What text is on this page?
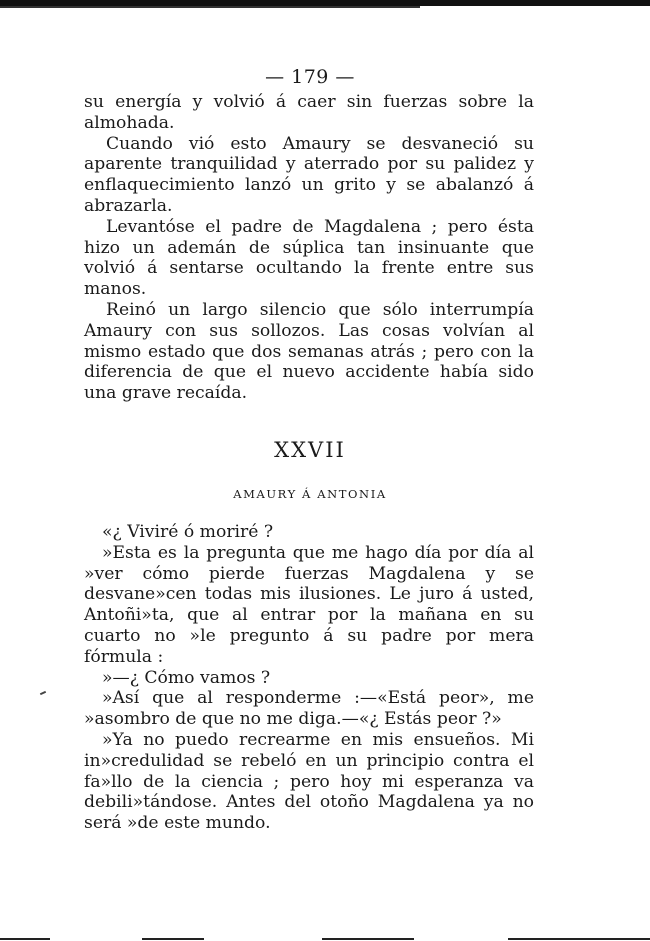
— 179 —

su energía y volvió á caer sin fuerzas sobre la almohada.

Cuando vió esto Amaury se desvaneció su aparente tranquilidad y aterrado por su palidez y enflaquecimiento lanzó un grito y se abalanzó á abrazarla.

Levantóse el padre de Magdalena ; pero ésta hizo un ademán de súplica tan insinuante que volvió á sentarse ocultando la frente entre sus manos.

Reinó un largo silencio que sólo interrumpía Amaury con sus sollozos. Las cosas volvían al mismo estado que dos semanas atrás ; pero con la diferencia de que el nuevo accidente había sido una grave recaída.

XXVII
AMAURY Á ANTONIA

«¿ Viviré ó moriré ?

»Esta es la pregunta que me hago día por día al »ver cómo pierde fuerzas Magdalena y se desvane»cen todas mis ilusiones. Le juro á usted, Antoñi»ta, que al entrar por la mañana en su cuarto no »le pregunto á su padre por mera fórmula :

»—¿ Cómo vamos ?

»Así que al responderme :—«Está peor», me »asombro de que no me diga.—«¿ Estás peor ?»

»Ya no puedo recrearme en mis ensueños. Mi in»credulidad se rebeló en un principio contra el fa»llo de la ciencia ; pero hoy mi esperanza va debili»tándose. Antes del otoño Magdalena ya no será »de este mundo.
